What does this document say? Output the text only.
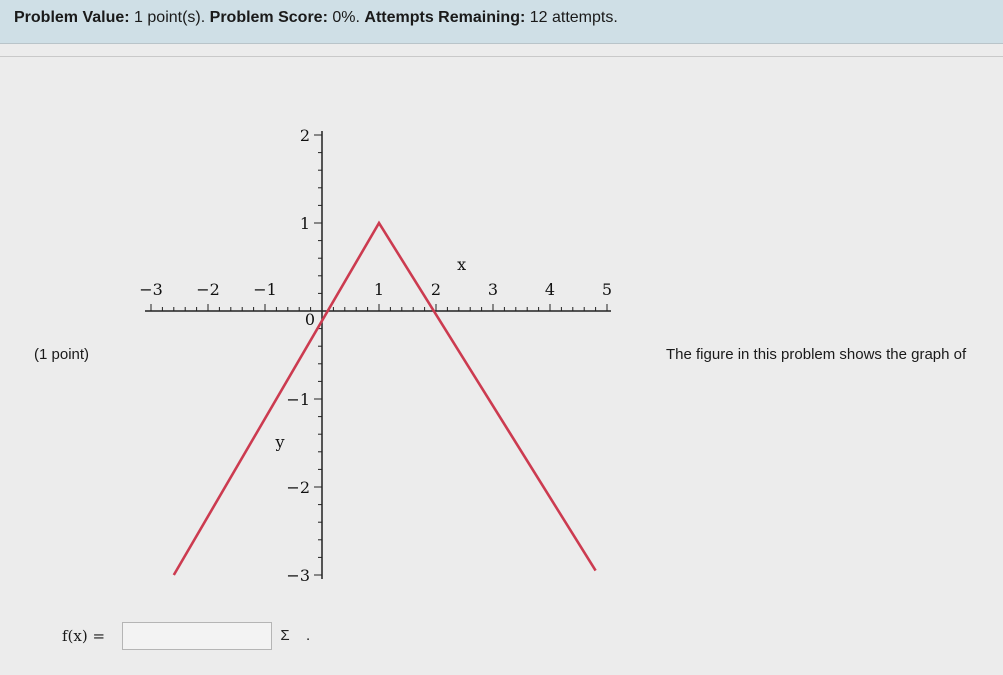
Problem Value: 1 point(s). Problem Score: 0%. Attempts Remaining: 12 attempts.
(1 point)	The figure in this problem shows the graph of
−3 −2 −1	1	2	3	4	5
2
1
−1
−2
−3
0
x
y
f(x) =	Σ	.
